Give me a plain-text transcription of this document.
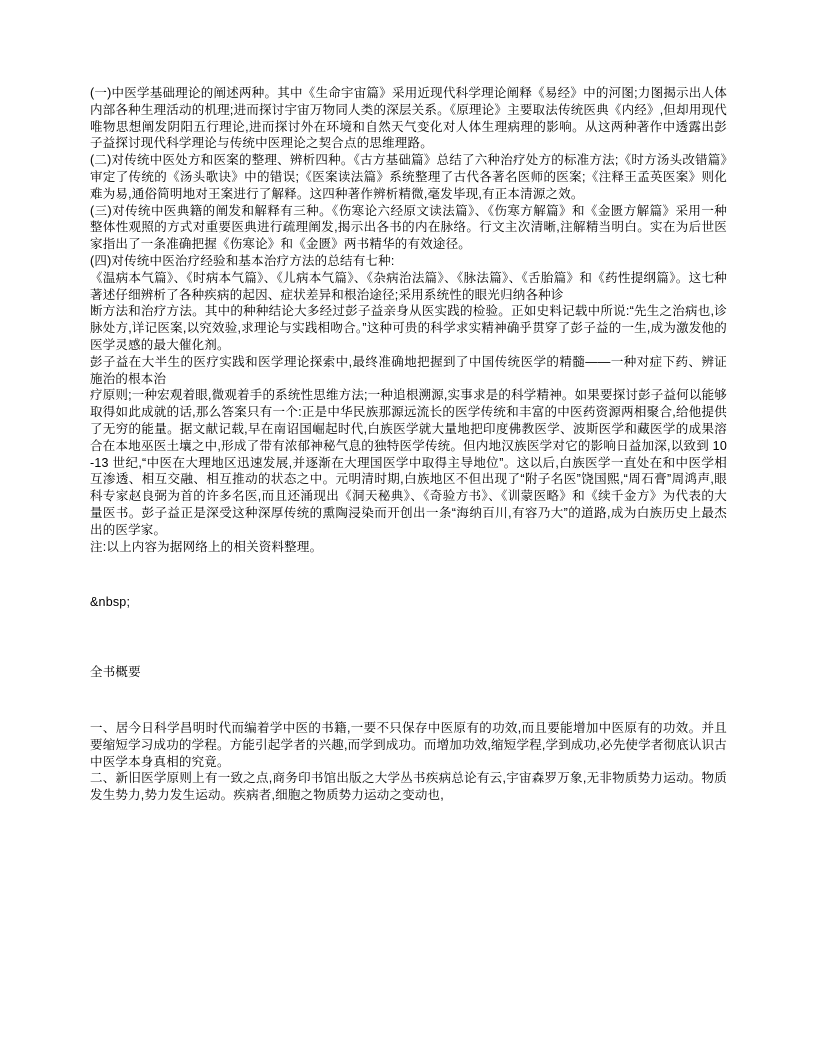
(一)中医学基础理论的阐述两种。其中《生命宇宙篇》采用近现代科学理论阐释《易经》中的河图;力图揭示出人体内部各种生理活动的机理;进而探讨宇宙万物同人类的深层关系。《原理论》主要取法传统医典《内经》,但却用现代唯物思想阐发阴阳五行理论,进而探讨外在环境和自然天气变化对人体生理病理的影响。从这两种著作中透露出彭子益探讨现代科学理论与传统中医理论之契合点的思维理路。

(二)对传统中医处方和医案的整理、辨析四种。《古方基础篇》总结了六种治疗处方的标准方法;《时方汤头改错篇》审定了传统的《汤头歌诀》中的错误;《医案读法篇》系统整理了古代各著名医师的医案;《注释王孟英医案》则化难为易,通俗简明地对王案进行了解释。这四种著作辨析精微,毫发毕现,有正本清源之效。

(三)对传统中医典籍的阐发和解释有三种。《伤寒论六经原文读法篇》、《伤寒方解篇》和《金匮方解篇》采用一种整体性观照的方式对重要医典进行疏理阐发,揭示出各书的内在脉络。行文主次清晰,注解精当明白。实在为后世医家指出了一条准确把握《伤寒论》和《金匮》两书精华的有效途径。

(四)对传统中医治疗经验和基本治疗方法的总结有七种:

《温病本气篇》、《时病本气篇》、《儿病本气篇》、《杂病治法篇》、《脉法篇》、《舌胎篇》和《药性提纲篇》。这七种著述仔细辨析了各种疾病的起因、症状差异和根治途径;采用系统性的眼光归纳各种诊

断方法和治疗方法。其中的种种结论大多经过彭子益亲身从医实践的检验。正如史料记载中所说:“先生之治病也,诊脉处方,详记医案,以究效验,求理论与实践相吻合。”这种可贵的科学求实精神确乎贯穿了彭子益的一生,成为激发他的医学灵感的最大催化剂。

彭子益在大半生的医疗实践和医学理论探索中,最终准确地把握到了中国传统医学的精髓——一种对症下药、辨证施治的根本治

疗原则;一种宏观着眼,微观着手的系统性思维方法;一种追根溯源,实事求是的科学精神。如果要探讨彭子益何以能够取得如此成就的话,那么答案只有一个:正是中华民族那源远流长的医学传统和丰富的中医药资源两相聚合,给他提供了无穷的能量。据文献记载,早在南诏国崛起时代,白族医学就大量地把印度佛教医学、波斯医学和藏医学的成果溶合在本地巫医土壤之中,形成了带有浓郁神秘气息的独特医学传统。但内地汉族医学对它的影响日益加深,以致到 10-13 世纪,“中医在大理地区迅速发展,并逐渐在大理国医学中取得主导地位”。这以后,白族医学一直处在和中医学相互渗透、相互交融、相互推动的状态之中。元明清时期,白族地区不但出现了“附子名医”饶国熙,“周石膏”周鸿声,眼科专家赵良弼为首的许多名医,而且还涌现出《洞天秘典》、《奇验方书》、《训蒙医略》和《续千金方》为代表的大量医书。彭子益正是深受这种深厚传统的熏陶浸染而开创出一条“海纳百川,有容乃大”的道路,成为白族历史上最杰出的医学家。

注:以上内容为据网络上的相关资料整理。

&nbsp;

全书概要

一、居今日科学昌明时代而编着学中医的书籍,一要不只保存中医原有的功效,而且要能增加中医原有的功效。并且要缩短学习成功的学程。方能引起学者的兴趣,而学到成功。而增加功效,缩短学程,学到成功,必先使学者彻底认识古中医学本身真相的究竟。

二、新旧医学原则上有一致之点,商务印书馆出版之大学丛书疾病总论有云,宇宙森罗万象,无非物质势力运动。物质发生势力,势力发生运动。疾病者,细胞之物质势力运动之变动也,
